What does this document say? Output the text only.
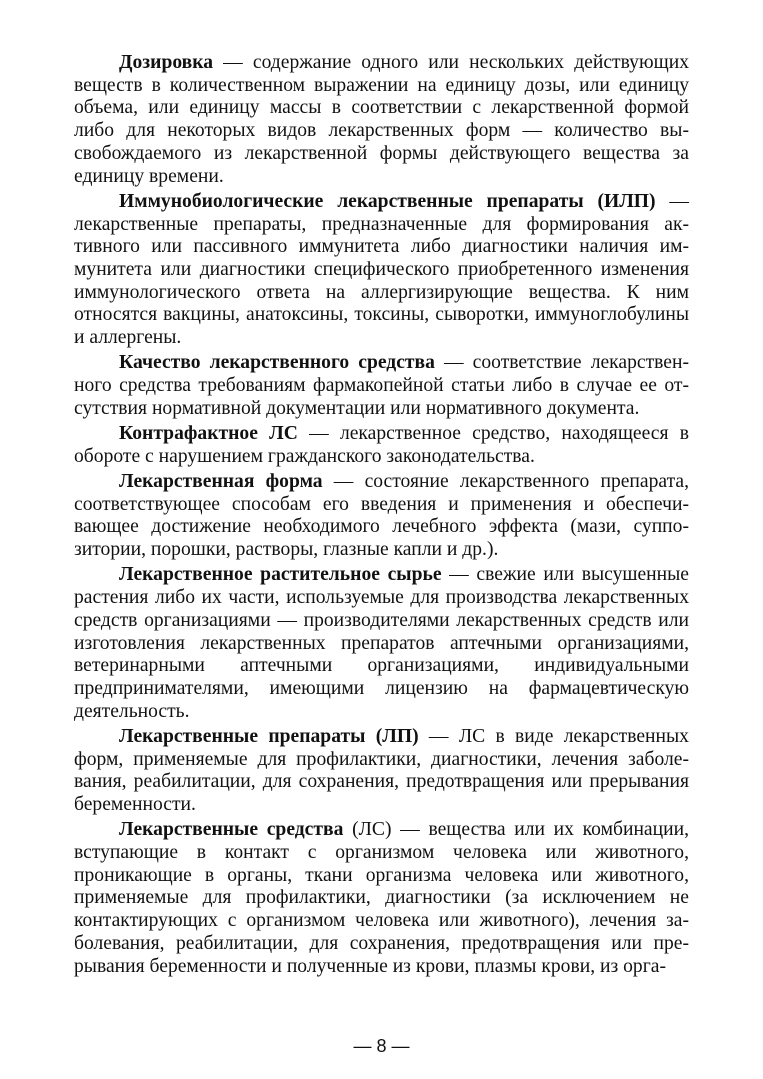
Дозировка — содержание одного или нескольких действующих веществ в количественном выражении на единицу дозы, или единицу объема, или единицу массы в соответствии с лекарственной формой либо для некоторых видов лекарственных форм — количество высвобождаемого из лекарственной формы действующего вещества за единицу времени.

Иммунобиологические лекарственные препараты (ИЛП) — лекарственные препараты, предназначенные для формирования активного или пассивного иммунитета либо диагностики наличия иммунитета или диагностики специфического приобретенного изменения иммунологического ответа на аллергизирующие вещества. К ним относятся вакцины, анатоксины, токсины, сыворотки, иммуноглобулины и аллергены.

Качество лекарственного средства — соответствие лекарственного средства требованиям фармакопейной статьи либо в случае ее отсутствия нормативной документации или нормативного документа.

Контрафактное ЛС — лекарственное средство, находящееся в обороте с нарушением гражданского законодательства.

Лекарственная форма — состояние лекарственного препарата, соответствующее способам его введения и применения и обеспечивающее достижение необходимого лечебного эффекта (мази, суппозитории, порошки, растворы, глазные капли и др.).

Лекарственное растительное сырье — свежие или высушенные растения либо их части, используемые для производства лекарственных средств организациями — производителями лекарственных средств или изготовления лекарственных препаратов аптечными организациями, ветеринарными аптечными организациями, индивидуальными предпринимателями, имеющими лицензию на фармацевтическую деятельность.

Лекарственные препараты (ЛП) — ЛС в виде лекарственных форм, применяемые для профилактики, диагностики, лечения заболевания, реабилитации, для сохранения, предотвращения или прерывания беременности.

Лекарственные средства (ЛС) — вещества или их комбинации, вступающие в контакт с организмом человека или животного, проникающие в органы, ткани организма человека или животного, применяемые для профилактики, диагностики (за исключением не контактирующих с организмом человека или животного), лечения заболевания, реабилитации, для сохранения, предотвращения или прерывания беременности и полученные из крови, плазмы крови, из орга-

— 8 —
